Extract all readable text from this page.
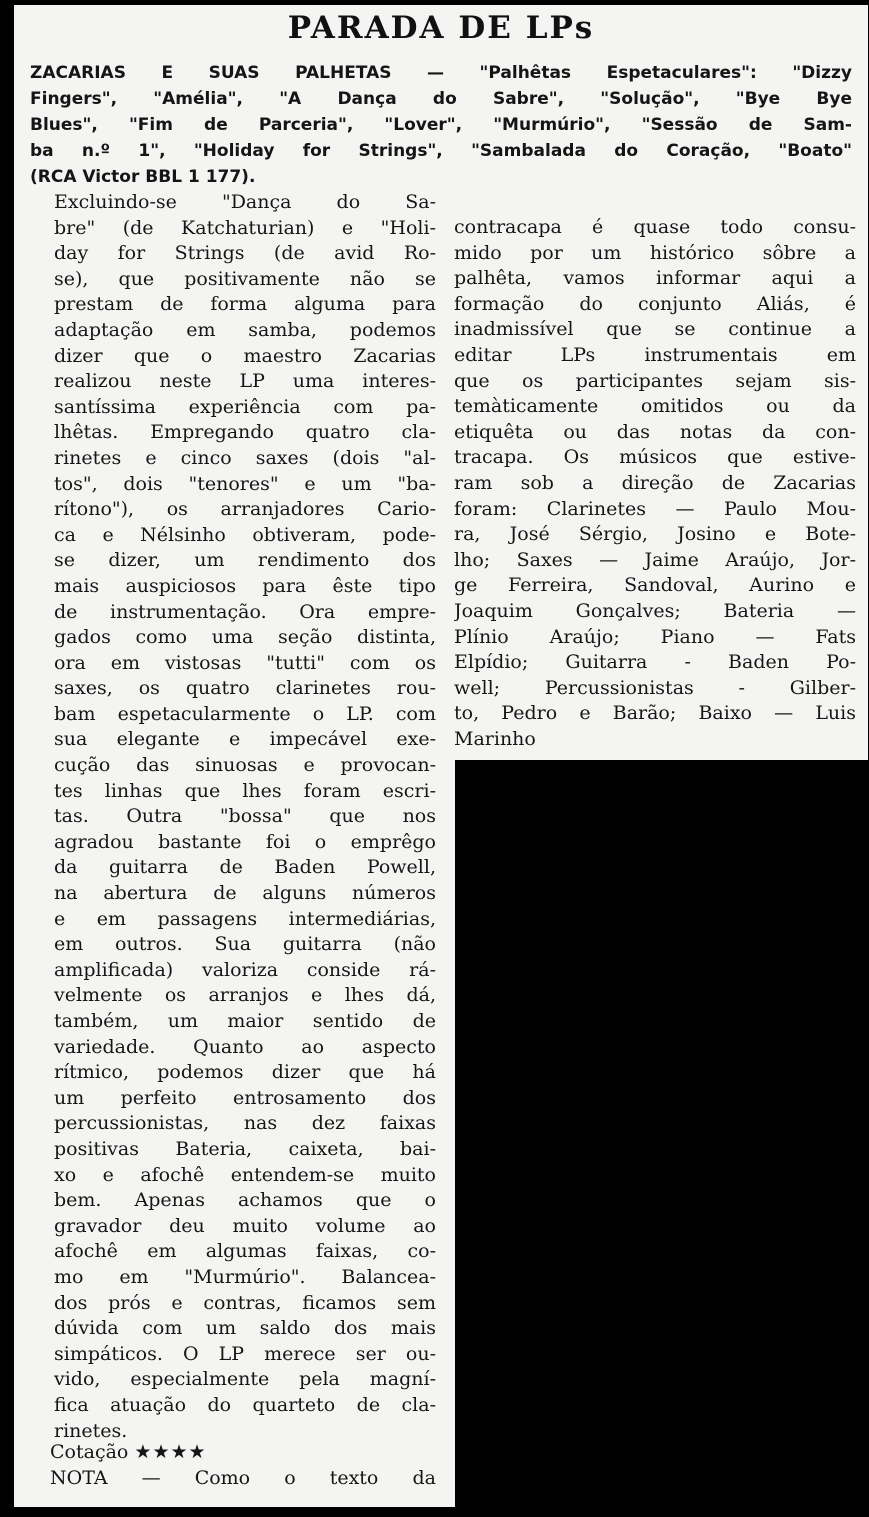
PARADA DE LPs
ZACARIAS E SUAS PALHETAS — "Palhêtas Espetaculares": "Dizzy
Fingers", "Amélia", "A Dança do Sabre", "Solução", "Bye Bye
Blues", "Fim de Parceria", "Lover", "Murmúrio", "Sessão de Sam-
ba n.º 1", "Holiday for Strings", "Sambalada do Coração, "Boato"
(RCA Victor BBL 1 177).
Excluindo-se "Dança do Sa-
bre" (de Katchaturian) e "Holi-
day for Strings (de avid Ro-
se), que positivamente não se
prestam de forma alguma para
adaptação em samba, podemos
dizer que o maestro Zacarias
realizou neste LP uma interes-
santíssima experiência com pa-
lhêtas. Empregando quatro cla-
rinetes e cinco saxes (dois "al-
tos", dois "tenores" e um "ba-
rítono"), os arranjadores Cario-
ca e Nélsinho obtiveram, pode-
se dizer, um rendimento dos
mais auspiciosos para êste tipo
de instrumentação. Ora empre-
gados como uma seção distinta,
ora em vistosas "tutti" com os
saxes, os quatro clarinetes rou-
bam espetacularmente o LP. com
sua elegante e impecável exe-
cução das sinuosas e provocan-
tes linhas que lhes foram escri-
tas. Outra "bossa" que nos
agradou bastante foi o emprêgo
da guitarra de Baden Powell,
na abertura de alguns números
e em passagens intermediárias,
em outros. Sua guitarra (não
amplificada) valoriza conside rá-
velmente os arranjos e lhes dá,
também, um maior sentido de
variedade. Quanto ao aspecto
rítmico, podemos dizer que há
um perfeito entrosamento dos
percussionistas, nas dez faixas
positivas Bateria, caixeta, bai-
xo e afochê entendem-se muito
bem. Apenas achamos que o
gravador deu muito volume ao
afochê em algumas faixas, co-
mo em "Murmúrio". Balancea-
dos prós e contras, ficamos sem
dúvida com um saldo dos mais
simpáticos. O LP merece ser ou-
vido, especialmente pela magní-
fica atuação do quarteto de cla-
rinetes.
contracapa é quase todo consu-
mido por um histórico sôbre a
palhêta, vamos informar aqui a
formação do conjunto Aliás, é
inadmissível que se continue a
editar LPs instrumentais em
que os participantes sejam sis-
temàticamente omitidos ou da
etiquêta ou das notas da con-
tracapa. Os músicos que estive-
ram sob a direção de Zacarias
foram: Clarinetes — Paulo Mou-
ra, José Sérgio, Josino e Bote-
lho; Saxes — Jaime Araújo, Jor-
ge Ferreira, Sandoval, Aurino e
Joaquim Gonçalves; Bateria —
Plínio Araújo; Piano — Fats
Elpídio; Guitarra - Baden Po-
well; Percussionistas - Gilber-
to, Pedro e Barão; Baixo — Luis
Marinho
Cotação ★★★★
NOTA — Como o texto da
